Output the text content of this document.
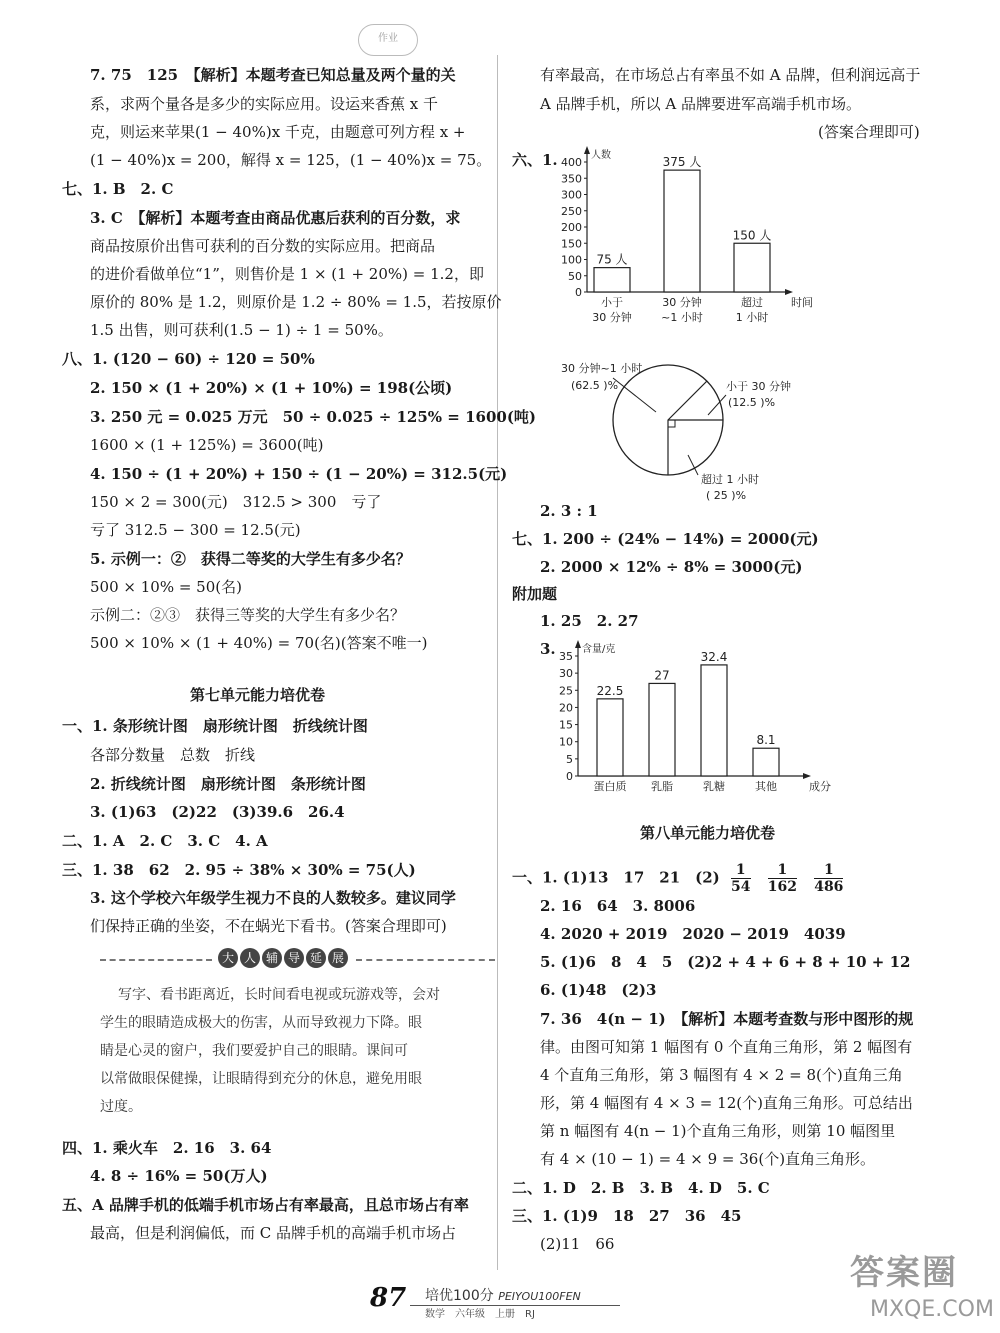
作业
7. 75　125　【解析】本题考查已知总量及两个量的关
系，求两个量各是多少的实际应用。设运来香蕉 x 千
克，则运来苹果(1 − 40%)x 千克，由题意可列方程 x +
(1 − 40%)x = 200，解得 x = 125，(1 − 40%)x = 75。
七、1. B　2. C
3. C　【解析】本题考查由商品优惠后获利的百分数，求
商品按原价出售可获利的百分数的实际应用。把商品
的进价看做单位“1”，则售价是 1 × (1 + 20%) = 1.2，即
原价的 80% 是 1.2，则原价是 1.2 ÷ 80% = 1.5，若按原价
1.5 出售，则可获利(1.5 − 1) ÷ 1 = 50%。
八、1. (120 − 60) ÷ 120 = 50%
2. 150 × (1 + 20%) × (1 + 10%) = 198(公顷)
3. 250 元 = 0.025 万元　50 ÷ 0.025 ÷ 125% = 1600(吨)
1600 × (1 + 125%) = 3600(吨)
4. 150 ÷ (1 + 20%) + 150 ÷ (1 − 20%) = 312.5(元)
150 × 2 = 300(元)　312.5 > 300　亏了
亏了 312.5 − 300 = 12.5(元)
5. 示例一：②　获得二等奖的大学生有多少名？
500 × 10% = 50(名)
示例二：②③　获得三等奖的大学生有多少名？
500 × 10% × (1 + 40%) = 70(名)(答案不唯一)
第七单元能力培优卷
一、1. 条形统计图　扇形统计图　折线统计图
各部分数量　总数　折线
2. 折线统计图　扇形统计图　条形统计图
3. (1)63　(2)22　(3)39.6　26.4
二、1. A　2. C　3. C　4. A
三、1. 38　62　2. 95 ÷ 38% × 30% = 75(人)
3. 这个学校六年级学生视力不良的人数较多。建议同学
们保持正确的坐姿，不在蜗光下看书。(答案合理即可)
大 人 辅 导 延 展
写字、看书距离近，长时间看电视或玩游戏等，会对
学生的眼睛造成极大的伤害，从而导致视力下降。眼
睛是心灵的窗户，我们要爱护自己的眼睛。课间可
以常做眼保健操，让眼睛得到充分的休息，避免用眼
过度。
四、1. 乘火车　2. 16　3. 64
4. 8 ÷ 16% = 50(万人)
五、A 品牌手机的低端手机市场占有率最高，且总市场占有率
最高，但是利润偏低，而 C 品牌手机的高端手机市场占
有率最高，在市场总占有率虽不如 A 品牌，但利润远高于
A 品牌手机，所以 A 品牌要进军高端手机市场。
(答案合理即可)
六、1.	人数
时间
0
50
100
150
200
250
300
350
400
75 人
小于
30 分钟
375 人
30 分钟
~1 小时
150 人
超过
1 小时
30 分钟~1 小时
(62.5 )%	小于 30 分钟
(12.5 )%
超过 1 小时
( 25 )%
2. 3 : 1
七、1. 200 ÷ (24% − 14%) = 2000(元)
2. 2000 × 12% ÷ 8% = 3000(元)
附加题
1. 25　2. 27
3.	含量/克
成分
0
5
10
15
20
25
30
35
22.5
蛋白质
27
乳脂
32.4
乳糖
8.1
其他
第八单元能力培优卷
一、1. (1)13　17　21　$(2) \frac{1}{54}$
$\frac{1}{162}$
$\frac{1}{486}$
2. 16　64　3. 8006
4. 2020 + 2019　2020 − 2019　4039
5. (1)6　8　4　5　(2)2 + 4 + 6 + 8 + 10 + 12
6. (1)48　(2)3
7. 36　4(n − 1)　【解析】本题考查数与形中图形的规
律。由图可知第 1 幅图有 0 个直角三角形，第 2 幅图有
4 个直角三角形，第 3 幅图有 4 × 2 = 8(个)直角三角
形，第 4 幅图有 4 × 3 = 12(个)直角三角形。可总结出
第 n 幅图有 4(n − 1)个直角三角形，则第 10 幅图里
有 4 × (10 − 1) = 4 × 9 = 36(个)直角三角形。
二、1. D　2. B　3. B　4. D　5. C
三、1. (1)9　18　27　36　45
(2)11　66
87 培优100分 PEIYOU100FEN
数学　六年级　上册　RJ
答案圈
MXQE.COM
